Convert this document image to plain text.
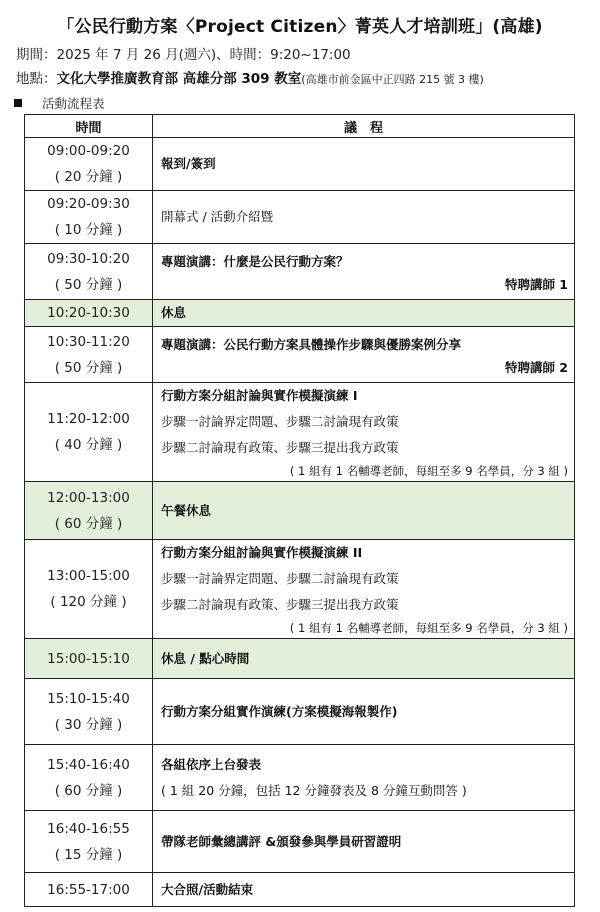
「公民行動方案〈Project Citizen〉菁英人才培訓班」(高雄)
期間：2025 年 7 月 26 月(週六)、時間：9:20~17:00
地點：文化大學推廣教育部 高雄分部 309 教室(高雄市前金區中正四路 215 號 3 樓)
活動流程表
時間	議　程

09:00-09:20
( 20 分鐘 )	報到/簽到

09:20-09:30
( 10 分鐘 )	開幕式 / 活動介紹暨

09:30-10:20
( 50 分鐘 )	專題演講：什麼是公民行動方案？
特聘講師 1

10:20-10:30	休息

10:30-11:20
( 50 分鐘 )	專題演講：公民行動方案具體操作步驟與優勝案例分享
特聘講師 2

11:20-12:00
( 40 分鐘 )	行動方案分組討論與實作模擬演練 I
步驟一討論界定問題、步驟二討論現有政策
步驟二討論現有政策、步驟三提出我方政策
( 1 組有 1 名輔導老師，每組至多 9 名學員，分 3 組 )

12:00-13:00
( 60 分鐘 )	午餐休息

13:00-15:00
( 120 分鐘 )	行動方案分組討論與實作模擬演練 II
步驟一討論界定問題、步驟二討論現有政策
步驟二討論現有政策、步驟三提出我方政策
( 1 組有 1 名輔導老師，每組至多 9 名學員，分 3 組 )

15:00-15:10	休息 / 點心時間

15:10-15:40
( 30 分鐘 )	行動方案分組實作演練(方案模擬海報製作)

15:40-16:40
( 60 分鐘 )	各組依序上台發表
( 1 組 20 分鐘，包括 12 分鐘發表及 8 分鐘互動問答 )

16:40-16:55
( 15 分鐘 )	帶隊老師彙總講評 &頒發參與學員研習證明

16:55-17:00	大合照/活動結束
